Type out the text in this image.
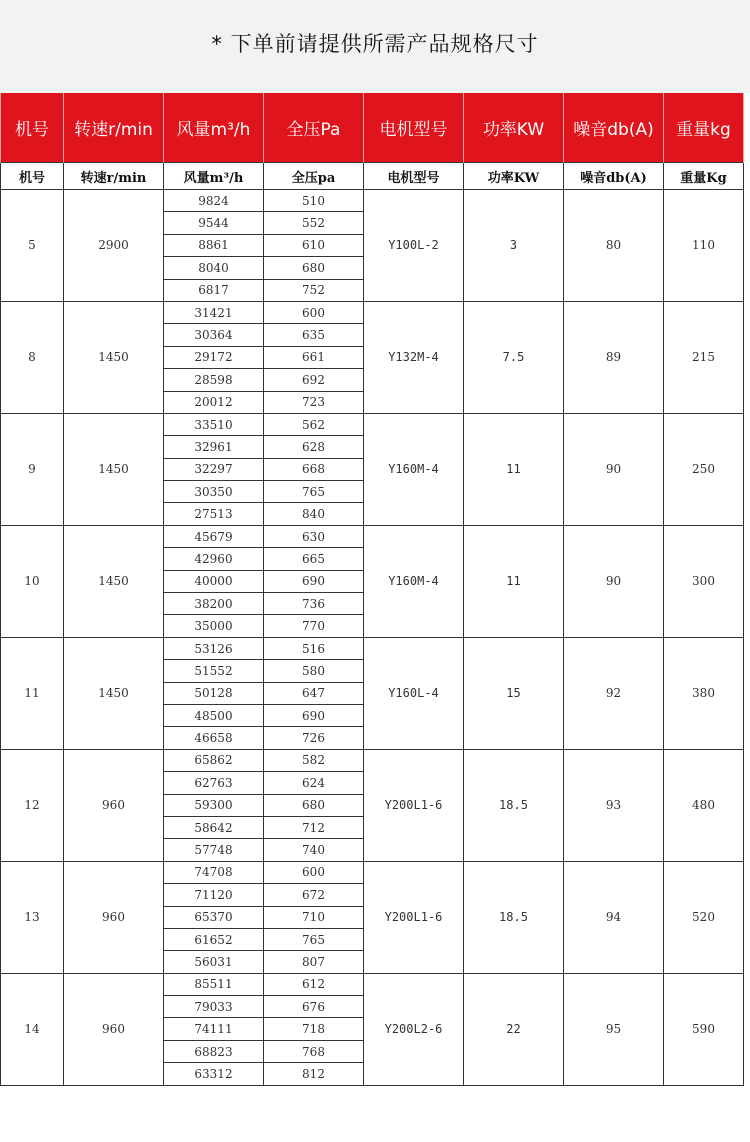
* 下单前请提供所需产品规格尺寸
机号	转速r/min	风量m³/h	全压Pa	电机型号	功率KW	噪音db(A)	重量kg
机号	转速r/min	风量m³/h	全压pa	电机型号	功率KW	噪音db(A)	重量Kg
5	2900	9824	510	Y100L-2	3	80	110
		9544	552				
		8861	610				
		8040	680				
		6817	752				
8	1450	31421	600	Y132M-4	7.5	89	215
		30364	635				
		29172	661				
		28598	692				
		20012	723				
9	1450	33510	562	Y160M-4	11	90	250
		32961	628				
		32297	668				
		30350	765				
		27513	840				
10	1450	45679	630	Y160M-4	11	90	300
		42960	665				
		40000	690				
		38200	736				
		35000	770				
11	1450	53126	516	Y160L-4	15	92	380
		51552	580				
		50128	647				
		48500	690				
		46658	726				
12	960	65862	582	Y200L1-6	18.5	93	480
		62763	624				
		59300	680				
		58642	712				
		57748	740				
13	960	74708	600	Y200L1-6	18.5	94	520
		71120	672				
		65370	710				
		61652	765				
		56031	807				
14	960	85511	612	Y200L2-6	22	95	590
		79033	676				
		74111	718				
		68823	768				
		63312	812				
